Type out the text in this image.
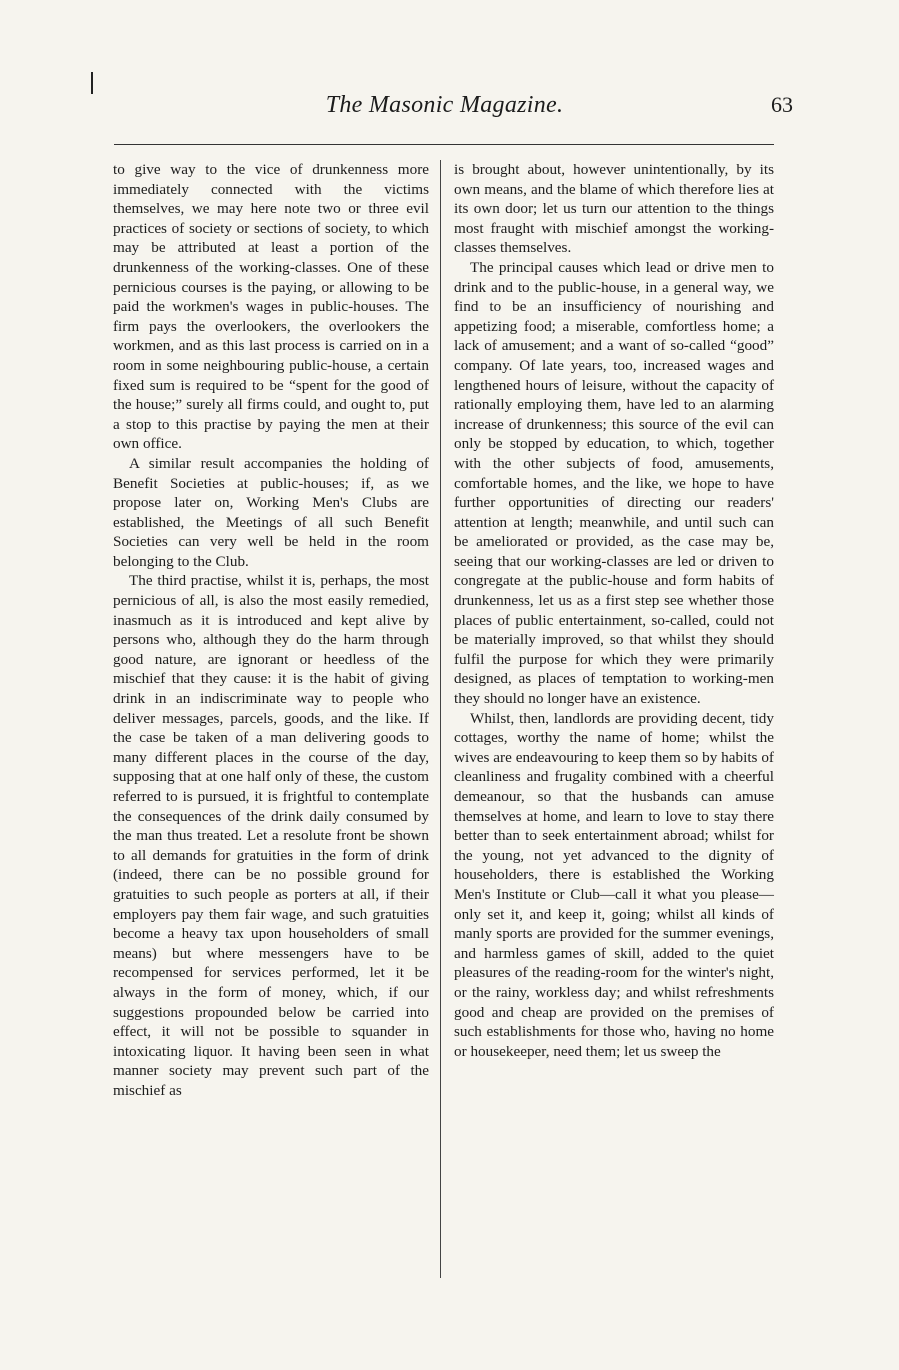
The Masonic Magazine.	63

to give way to the vice of drunkenness more immediately connected with the victims themselves, we may here note two or three evil practices of society or sections of society, to which may be attributed at least a portion of the drunkenness of the working-classes. One of these pernicious courses is the paying, or allowing to be paid the workmen's wages in public-houses. The firm pays the overlookers, the overlookers the workmen, and as this last process is carried on in a room in some neighbouring public-house, a certain fixed sum is required to be “spent for the good of the house;” surely all firms could, and ought to, put a stop to this practise by paying the men at their own office.

A similar result accompanies the holding of Benefit Societies at public-houses; if, as we propose later on, Working Men's Clubs are established, the Meetings of all such Benefit Societies can very well be held in the room belonging to the Club.

The third practise, whilst it is, perhaps, the most pernicious of all, is also the most easily remedied, inasmuch as it is introduced and kept alive by persons who, although they do the harm through good nature, are ignorant or heedless of the mischief that they cause: it is the habit of giving drink in an indiscriminate way to people who deliver messages, parcels, goods, and the like. If the case be taken of a man delivering goods to many different places in the course of the day, supposing that at one half only of these, the custom referred to is pursued, it is frightful to contemplate the consequences of the drink daily consumed by the man thus treated. Let a resolute front be shown to all demands for gratuities in the form of drink (indeed, there can be no possible ground for gratuities to such people as porters at all, if their employers pay them fair wage, and such gratuities become a heavy tax upon householders of small means) but where messengers have to be recompensed for services performed, let it be always in the form of money, which, if our suggestions propounded below be carried into effect, it will not be possible to squander in intoxicating liquor. It having been seen in what manner society may prevent such part of the mischief as

is brought about, however unintentionally, by its own means, and the blame of which therefore lies at its own door; let us turn our attention to the things most fraught with mischief amongst the working-classes themselves.

The principal causes which lead or drive men to drink and to the public-house, in a general way, we find to be an insufficiency of nourishing and appetizing food; a miserable, comfortless home; a lack of amusement; and a want of so-called “good” company. Of late years, too, increased wages and lengthened hours of leisure, without the capacity of rationally employing them, have led to an alarming increase of drunkenness; this source of the evil can only be stopped by education, to which, together with the other subjects of food, amusements, comfortable homes, and the like, we hope to have further opportunities of directing our readers' attention at length; meanwhile, and until such can be ameliorated or provided, as the case may be, seeing that our working-classes are led or driven to congregate at the public-house and form habits of drunkenness, let us as a first step see whether those places of public entertainment, so-called, could not be materially improved, so that whilst they should fulfil the purpose for which they were primarily designed, as places of temptation to working-men they should no longer have an existence.

Whilst, then, landlords are providing decent, tidy cottages, worthy the name of home; whilst the wives are endeavouring to keep them so by habits of cleanliness and frugality combined with a cheerful demeanour, so that the husbands can amuse themselves at home, and learn to love to stay there better than to seek entertainment abroad; whilst for the young, not yet advanced to the dignity of householders, there is established the Working Men's Institute or Club—call it what you please—only set it, and keep it, going; whilst all kinds of manly sports are provided for the summer evenings, and harmless games of skill, added to the quiet pleasures of the reading-room for the winter's night, or the rainy, workless day; and whilst refreshments good and cheap are provided on the premises of such establishments for those who, having no home or housekeeper, need them; let us sweep the
